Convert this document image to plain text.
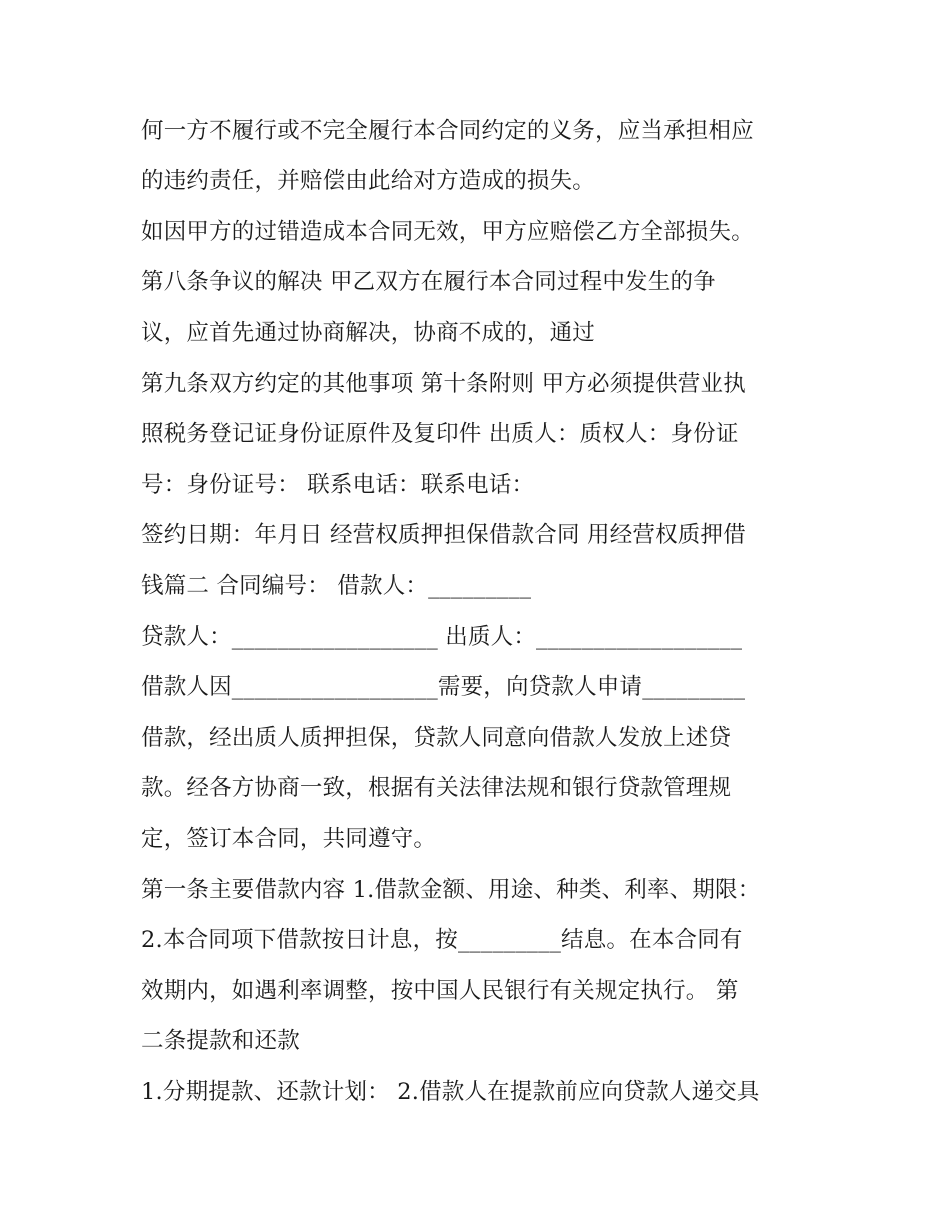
何一方不履行或不完全履行本合同约定的义务，应当承担相应
的违约责任，并赔偿由此给对方造成的损失。
如因甲方的过错造成本合同无效，甲方应赔偿乙方全部损失。
第八条争议的解决 甲乙双方在履行本合同过程中发生的争
议，应首先通过协商解决，协商不成的，通过
第九条双方约定的其他事项 第十条附则 甲方必须提供营业执
照税务登记证身份证原件及复印件 出质人：质权人：身份证
号：身份证号： 联系电话：联系电话：
签约日期：年月日 经营权质押担保借款合同 用经营权质押借
钱篇二 合同编号： 借款人：_________
贷款人：__________________ 出质人：__________________
借款人因__________________需要，向贷款人申请_________
借款，经出质人质押担保，贷款人同意向借款人发放上述贷
款。经各方协商一致，根据有关法律法规和银行贷款管理规
定，签订本合同，共同遵守。
第一条主要借款内容 1.借款金额、用途、种类、利率、期限：
2.本合同项下借款按日计息，按_________结息。在本合同有
效期内，如遇利率调整，按中国人民银行有关规定执行。 第
二条提款和还款
1.分期提款、还款计划： 2.借款人在提款前应向贷款人递交具
